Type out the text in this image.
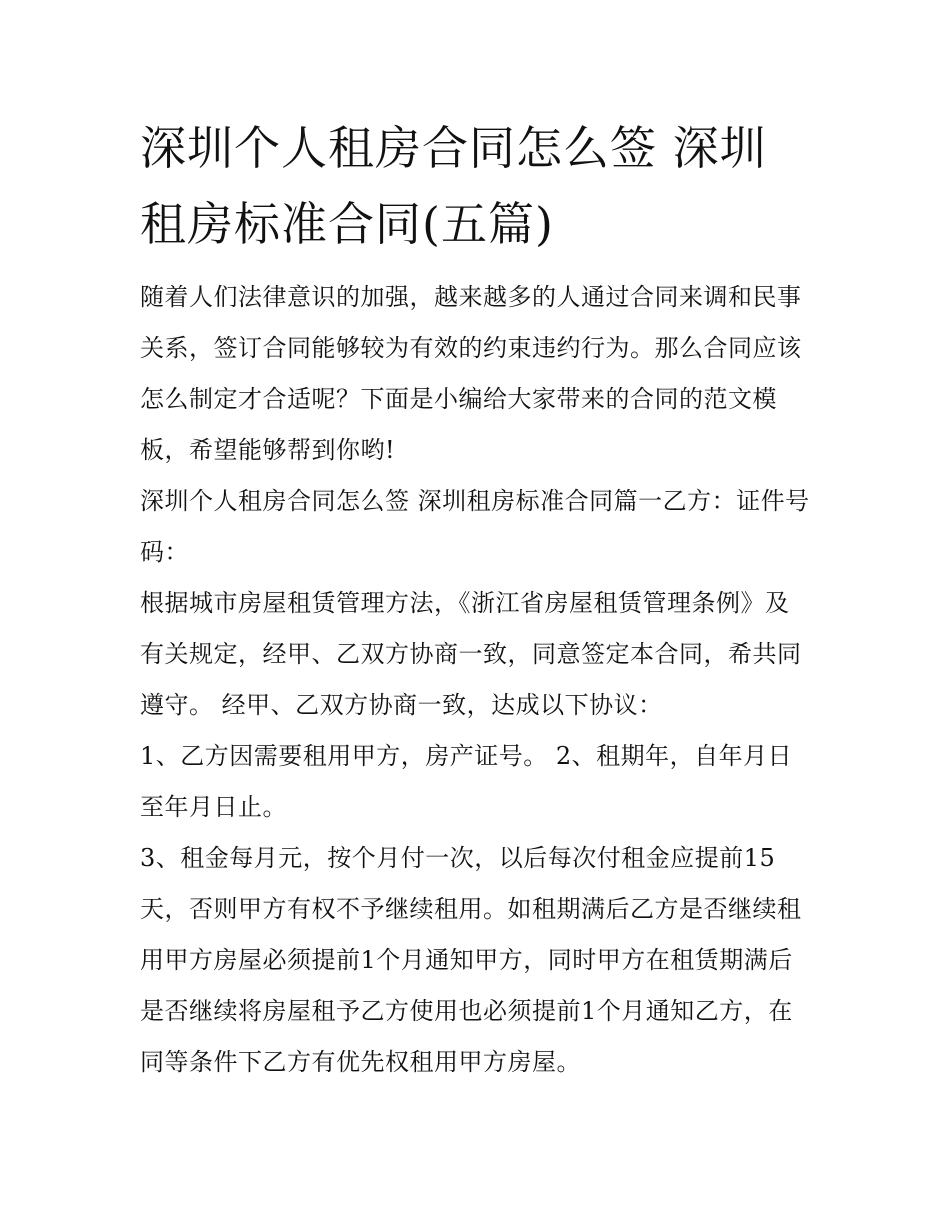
深圳个人租房合同怎么签 深圳租房标准合同(五篇)

随着人们法律意识的加强，越来越多的人通过合同来调和民事关系，签订合同能够较为有效的约束违约行为。那么合同应该怎么制定才合适呢？下面是小编给大家带来的合同的范文模板，希望能够帮到你哟!

深圳个人租房合同怎么签 深圳租房标准合同篇一乙方：证件号码：

根据城市房屋租赁管理方法，《浙江省房屋租赁管理条例》及有关规定，经甲、乙双方协商一致，同意签定本合同，希共同遵守。 经甲、乙双方协商一致，达成以下协议：

1、乙方因需要租用甲方，房产证号。 2、租期年，自年月日至年月日止。

3、租金每月元，按个月付一次，以后每次付租金应提前15天，否则甲方有权不予继续租用。如租期满后乙方是否继续租用甲方房屋必须提前1个月通知甲方，同时甲方在租赁期满后是否继续将房屋租予乙方使用也必须提前1个月通知乙方，在同等条件下乙方有优先权租用甲方房屋。
